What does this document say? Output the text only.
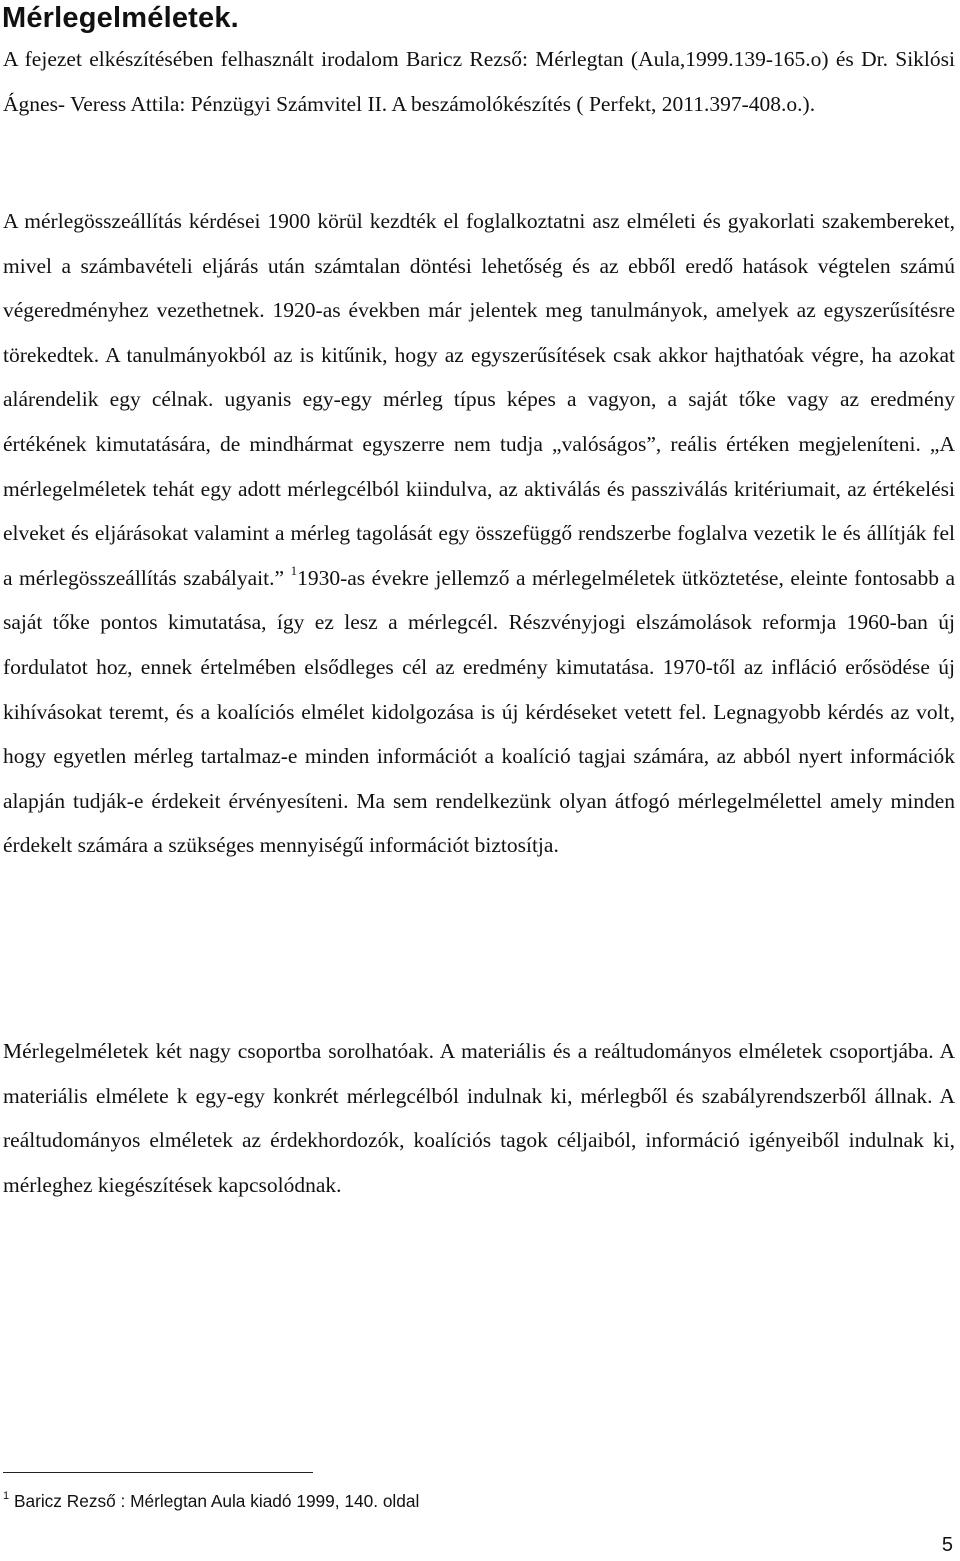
Mérlegelméletek.

A fejezet elkészítésében felhasznált irodalom Baricz Rezső: Mérlegtan (Aula,1999.139-165.o) és Dr. Siklósi Ágnes- Veress Attila: Pénzügyi Számvitel II. A beszámolókészítés ( Perfekt, 2011.397-408.o.).

A mérlegösszeállítás kérdései 1900 körül kezdték el foglalkoztatni asz elméleti és gyakorlati szakembereket, mivel a számbavételi eljárás után számtalan döntési lehetőség és az ebből eredő hatások végtelen számú végeredményhez vezethetnek. 1920-as években már jelentek meg tanulmányok, amelyek az egyszerűsítésre törekedtek. A tanulmányokból az is kitűnik, hogy az egyszerűsítések csak akkor hajthatóak végre, ha azokat alárendelik egy célnak. ugyanis egy-egy mérleg típus képes a vagyon, a saját tőke vagy az eredmény értékének kimutatására, de mindhármat egyszerre nem tudja „valóságos”, reális értéken megjeleníteni. „A mérlegelméletek tehát egy adott mérlegcélból kiindulva, az aktiválás és passziválás kritériumait, az értékelési elveket és eljárásokat valamint a mérleg tagolását egy összefüggő rendszerbe foglalva vezetik le és állítják fel a mérlegösszeállítás szabályait.” $^1$1930-as évekre jellemző a mérlegelméletek ütköztetése, eleinte fontosabb a saját tőke pontos kimutatása, így ez lesz a mérlegcél. Részvényjogi elszámolások reformja 1960-ban új fordulatot hoz, ennek értelmében elsődleges cél az eredmény kimutatása. 1970-től az infláció erősödése új kihívásokat teremt, és a koalíciós elmélet kidolgozása is új kérdéseket vetett fel. Legnagyobb kérdés az volt, hogy egyetlen mérleg tartalmaz-e minden információt a koalíció tagjai számára, az abból nyert információk alapján tudják-e érdekeit érvényesíteni. Ma sem rendelkezünk olyan átfogó mérlegelmélettel amely minden érdekelt számára a szükséges mennyiségű információt biztosítja.

Mérlegelméletek két nagy csoportba sorolhatóak. A materiális és a reáltudományos elméletek csoportjába. A materiális elmélete k egy-egy konkrét mérlegcélból indulnak ki, mérlegből és szabályrendszerből állnak. A reáltudományos elméletek az érdekhordozók, koalíciós tagok céljaiból, információ igényeiből indulnak ki, mérleghez kiegészítések kapcsolódnak.

$^1$ Baricz Rezső : Mérlegtan Aula kiadó 1999, 140. oldal
5
